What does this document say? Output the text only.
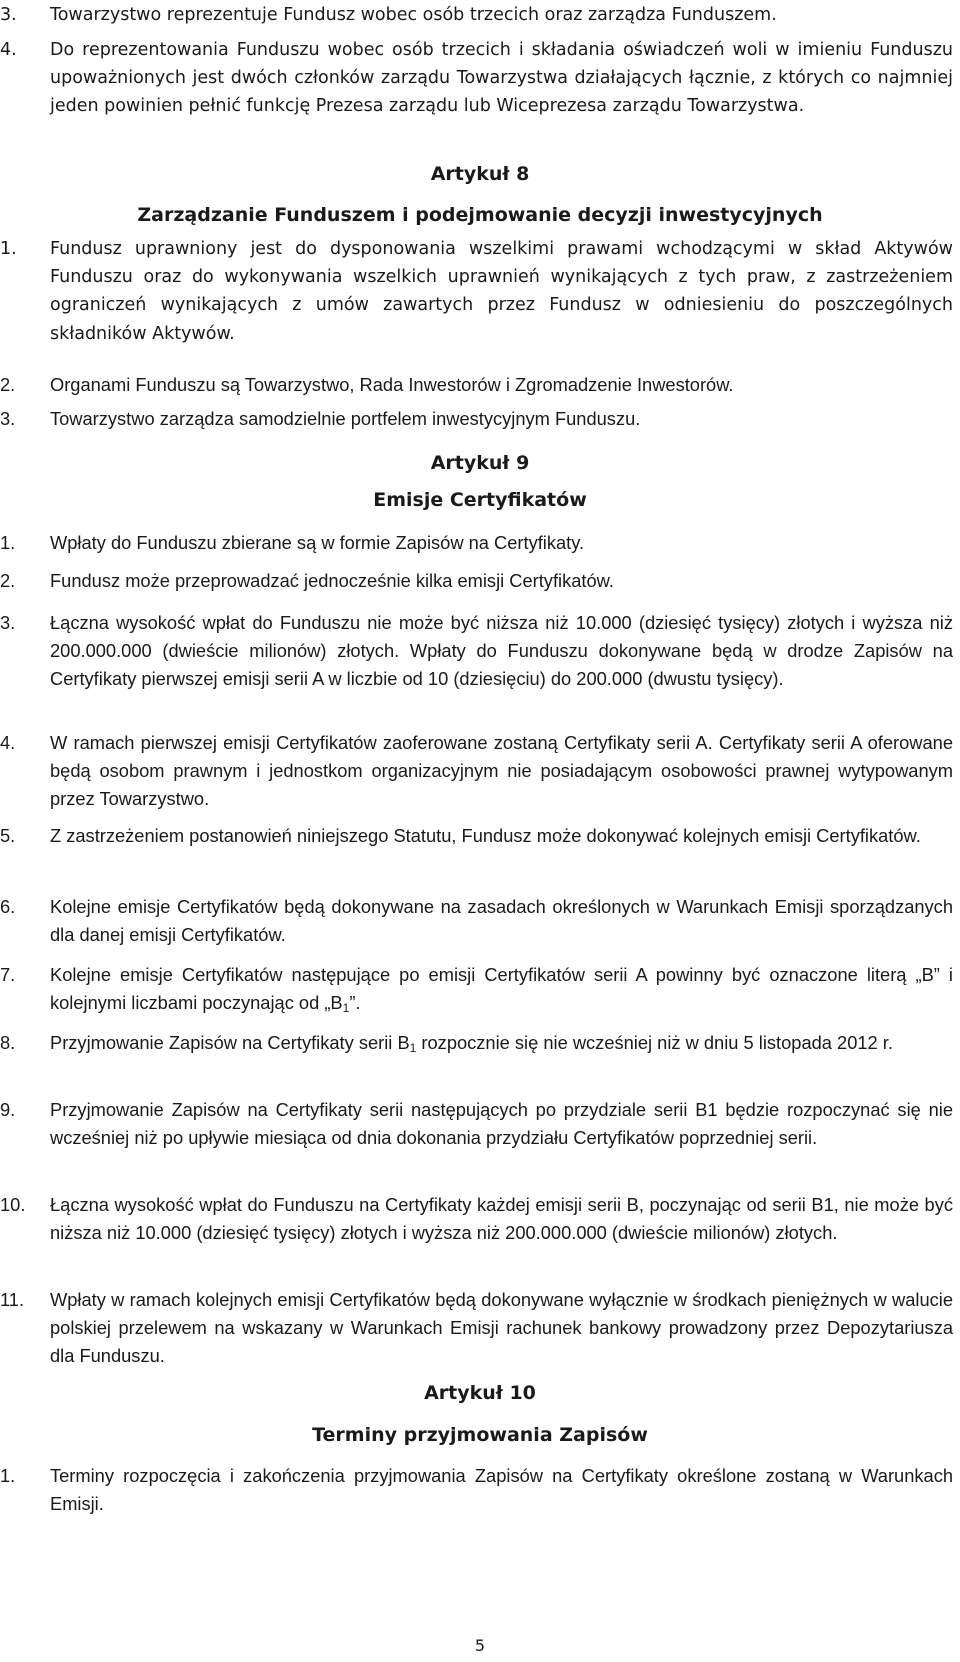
3.	Towarzystwo reprezentuje Fundusz wobec osób trzecich oraz zarządza Funduszem.
4.	Do reprezentowania Funduszu wobec osób trzecich i składania oświadczeń woli w imieniu Funduszu upoważnionych jest dwóch członków zarządu Towarzystwa działających łącznie, z których co najmniej jeden powinien pełnić funkcję Prezesa zarządu lub Wiceprezesa zarządu Towarzystwa.
Artykuł 8
Zarządzanie Funduszem i podejmowanie decyzji inwestycyjnych
1.	Fundusz uprawniony jest do dysponowania wszelkimi prawami wchodzącymi w skład Aktywów Funduszu oraz do wykonywania wszelkich uprawnień wynikających z tych praw, z zastrzeżeniem ograniczeń wynikających z umów zawartych przez Fundusz w odniesieniu do poszczególnych składników Aktywów.
2.	Organami Funduszu są Towarzystwo, Rada Inwestorów i Zgromadzenie Inwestorów.
3.	Towarzystwo zarządza samodzielnie portfelem inwestycyjnym Funduszu.
Artykuł 9
Emisje Certyfikatów
1.	Wpłaty do Funduszu zbierane są w formie Zapisów na Certyfikaty.
2.	Fundusz może przeprowadzać jednocześnie kilka emisji Certyfikatów.
3.	Łączna wysokość wpłat do Funduszu nie może być niższa niż 10.000 (dziesięć tysięcy) złotych i wyższa niż 200.000.000 (dwieście milionów) złotych. Wpłaty do Funduszu dokonywane będą w drodze Zapisów na Certyfikaty pierwszej emisji serii A w liczbie od 10 (dziesięciu) do 200.000 (dwustu tysięcy).
4.	W ramach pierwszej emisji Certyfikatów zaoferowane zostaną Certyfikaty serii A. Certyfikaty serii A oferowane będą osobom prawnym i jednostkom organizacyjnym nie posiadającym osobowości prawnej wytypowanym przez Towarzystwo.
5.	Z zastrzeżeniem postanowień niniejszego Statutu, Fundusz może dokonywać kolejnych emisji Certyfikatów.
6.	Kolejne emisje Certyfikatów będą dokonywane na zasadach określonych w Warunkach Emisji sporządzanych dla danej emisji Certyfikatów.
7.	Kolejne emisje Certyfikatów następujące po emisji Certyfikatów serii A powinny być oznaczone literą „B” i kolejnymi liczbami poczynając od $„B_1$”.
8.	Przyjmowanie Zapisów na Certyfikaty serii $B_1$ rozpocznie się nie wcześniej niż w dniu 5 listopada 2012 r.
9.	Przyjmowanie Zapisów na Certyfikaty serii następujących po przydziale serii B1 będzie rozpoczynać się nie wcześniej niż po upływie miesiąca od dnia dokonania przydziału Certyfikatów poprzedniej serii.
10.	Łączna wysokość wpłat do Funduszu na Certyfikaty każdej emisji serii B, poczynając od serii B1, nie może być niższa niż 10.000 (dziesięć tysięcy) złotych i wyższa niż 200.000.000 (dwieście milionów) złotych.
11.	Wpłaty w ramach kolejnych emisji Certyfikatów będą dokonywane wyłącznie w środkach pieniężnych w walucie polskiej przelewem na wskazany w Warunkach Emisji rachunek bankowy prowadzony przez Depozytariusza dla Funduszu.
Artykuł 10
Terminy przyjmowania Zapisów
1.	Terminy rozpoczęcia i zakończenia przyjmowania Zapisów na Certyfikaty określone zostaną w Warunkach Emisji.
5
